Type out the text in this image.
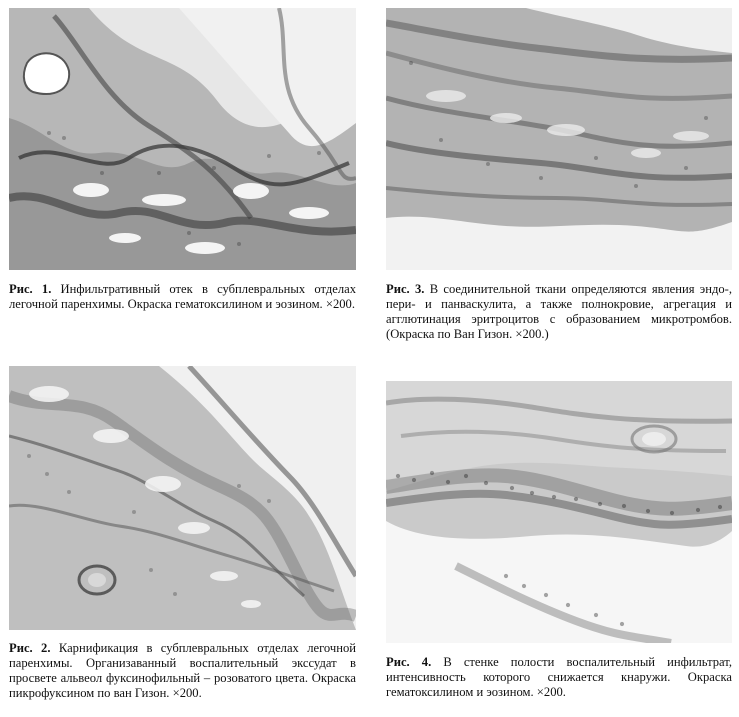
Рис. 1. Инфильтративный отек в субплевральных отделах легочной паренхимы. Окраска гематоксилином и эозином. ×200.
Рис. 2. Карнификация в субплевральных отделах легочной паренхимы. Организаванный воспалительный экссудат в просвете альвеол фуксинофильный – розоватого цвета. Окраска пикрофуксином по ван Гизон. ×200.
Рис. 3. В соединительной ткани определяются явления эндо-, пери- и панваскулита, а также полнокровие, агрегация и агглютинация эритроцитов с образованием микротромбов. (Окраска по Ван Гизон. ×200.)
Рис. 4. В стенке полости воспалительный инфильтрат, интенсивность которого снижается кнаружи. Окраска гематоксилином и эозином. ×200.
